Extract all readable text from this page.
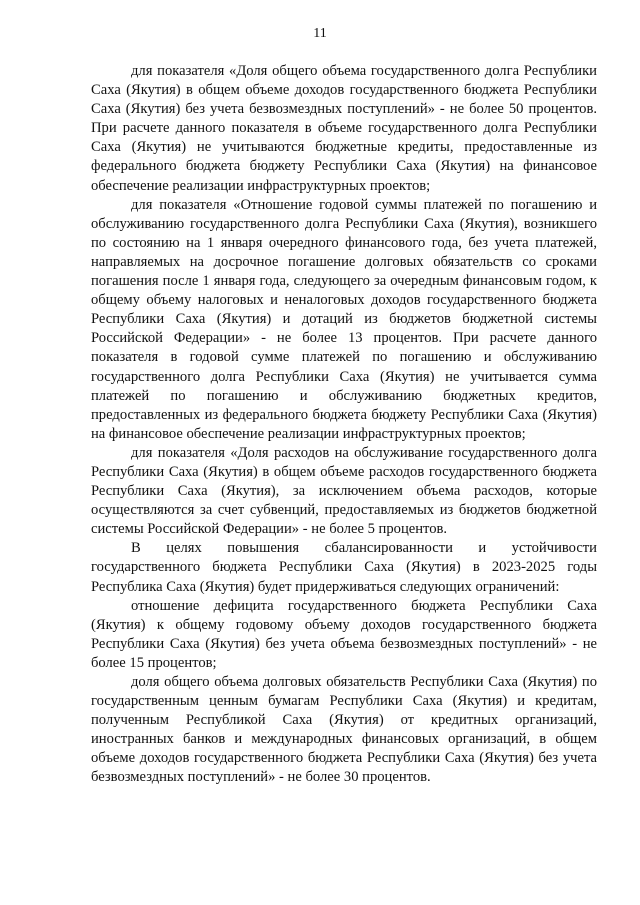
11

для показателя «Доля общего объема государственного долга Республики Саха (Якутия) в общем объеме доходов государственного бюджета Республики Саха (Якутия) без учета безвозмездных поступлений» - не более 50 процентов. При расчете данного показателя в объеме государственного долга Республики Саха (Якутия) не учитываются бюджетные кредиты, предоставленные из федерального бюджета бюджету Республики Саха (Якутия) на финансовое обеспечение реализации инфраструктурных проектов;

для показателя «Отношение годовой суммы платежей по погашению и обслуживанию государственного долга Республики Саха (Якутия), возникшего по состоянию на 1 января очередного финансового года, без учета платежей, направляемых на досрочное погашение долговых обязательств со сроками погашения после 1 января года, следующего за очередным финансовым годом, к общему объему налоговых и неналоговых доходов государственного бюджета Республики Саха (Якутия) и дотаций из бюджетов бюджетной системы Российской Федерации» - не более 13 процентов. При расчете данного показателя в годовой сумме платежей по погашению и обслуживанию государственного долга Республики Саха (Якутия) не учитывается сумма платежей по погашению и обслуживанию бюджетных кредитов, предоставленных из федерального бюджета бюджету Республики Саха (Якутия) на финансовое обеспечение реализации инфраструктурных проектов;

для показателя «Доля расходов на обслуживание государственного долга Республики Саха (Якутия) в общем объеме расходов государственного бюджета Республики Саха (Якутия), за исключением объема расходов, которые осуществляются за счет субвенций, предоставляемых из бюджетов бюджетной системы Российской Федерации» - не более 5 процентов.

В целях повышения сбалансированности и устойчивости государственного бюджета Республики Саха (Якутия) в 2023-2025 годы Республика Саха (Якутия) будет придерживаться следующих ограничений:

отношение дефицита государственного бюджета Республики Саха (Якутия) к общему годовому объему доходов государственного бюджета Республики Саха (Якутия) без учета объема безвозмездных поступлений» - не более 15 процентов;

доля общего объема долговых обязательств Республики Саха (Якутия) по государственным ценным бумагам Республики Саха (Якутия) и кредитам, полученным Республикой Саха (Якутия) от кредитных организаций, иностранных банков и международных финансовых организаций, в общем объеме доходов государственного бюджета Республики Саха (Якутия) без учета безвозмездных поступлений» - не более 30 процентов.
